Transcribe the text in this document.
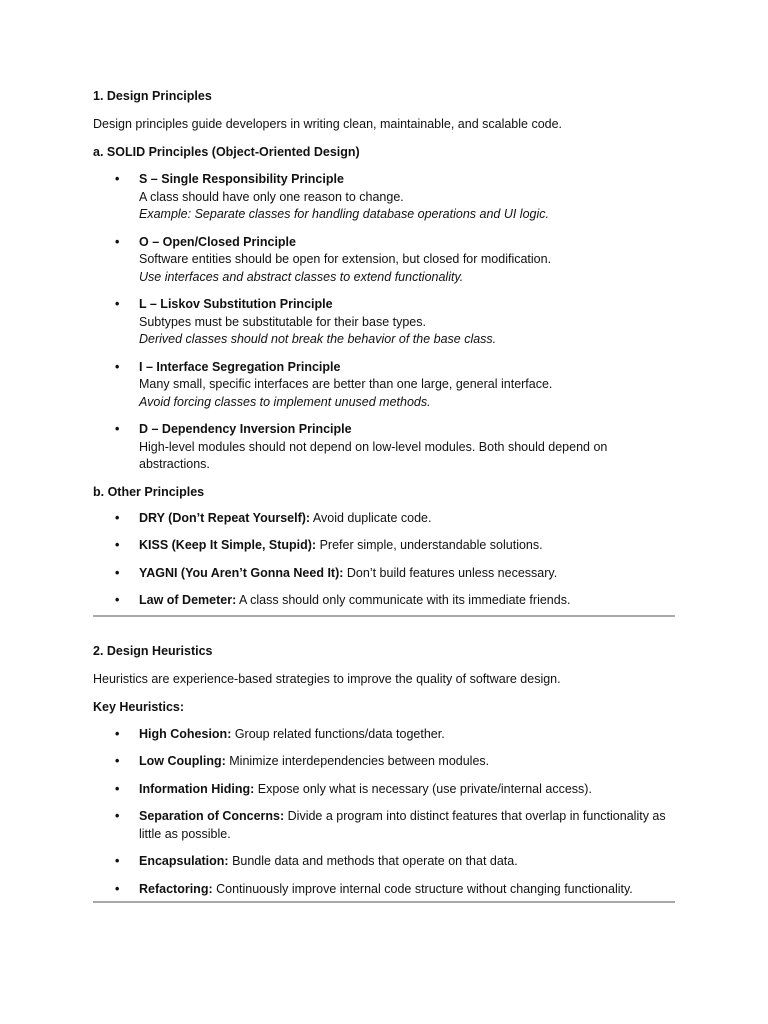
1. Design Principles

Design principles guide developers in writing clean, maintainable, and scalable code.

a. SOLID Principles (Object-Oriented Design)

• S – Single Responsibility Principle
A class should have only one reason to change.
Example: Separate classes for handling database operations and UI logic.
• O – Open/Closed Principle
Software entities should be open for extension, but closed for modification.
Use interfaces and abstract classes to extend functionality.
• L – Liskov Substitution Principle
Subtypes must be substitutable for their base types.
Derived classes should not break the behavior of the base class.
• I – Interface Segregation Principle
Many small, specific interfaces are better than one large, general interface.
Avoid forcing classes to implement unused methods.
• D – Dependency Inversion Principle
High-level modules should not depend on low-level modules. Both should depend on abstractions.

b. Other Principles

• DRY (Don’t Repeat Yourself): Avoid duplicate code.
• KISS (Keep It Simple, Stupid): Prefer simple, understandable solutions.
• YAGNI (You Aren’t Gonna Need It): Don’t build features unless necessary.
• Law of Demeter: A class should only communicate with its immediate friends.

2. Design Heuristics

Heuristics are experience-based strategies to improve the quality of software design.

Key Heuristics:

• High Cohesion: Group related functions/data together.
• Low Coupling: Minimize interdependencies between modules.
• Information Hiding: Expose only what is necessary (use private/internal access).
• Separation of Concerns: Divide a program into distinct features that overlap in functionality as little as possible.
• Encapsulation: Bundle data and methods that operate on that data.
• Refactoring: Continuously improve internal code structure without changing functionality.
